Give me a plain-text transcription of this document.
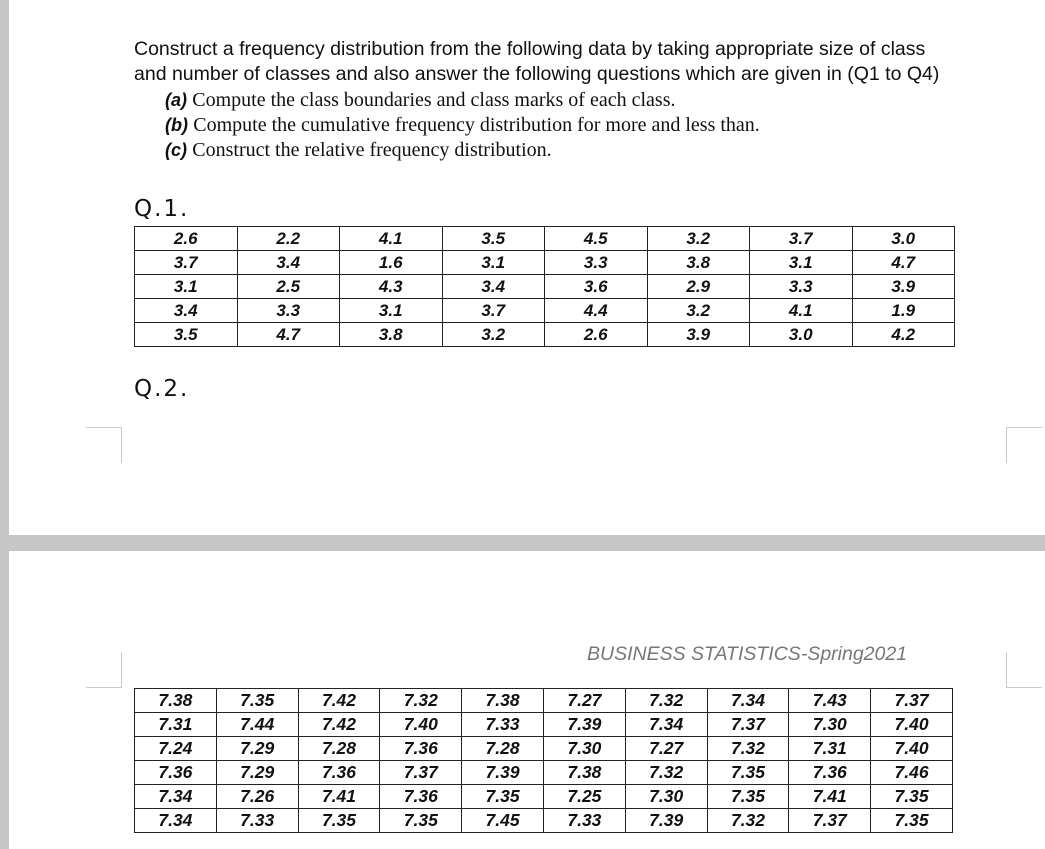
Construct a frequency distribution from the following data by taking appropriate size of class

and number of classes and also answer the following questions which are given in (Q1 to Q4)

(a) Compute the class boundaries and class marks of each class.
(b) Compute the cumulative frequency distribution for more and less than.
(c) Construct the relative frequency distribution.
Q.1.
2.6	2.2	4.1	3.5	4.5	3.2	3.7	3.0
3.7	3.4	1.6	3.1	3.3	3.8	3.1	4.7
3.1	2.5	4.3	3.4	3.6	2.9	3.3	3.9
3.4	3.3	3.1	3.7	4.4	3.2	4.1	1.9
3.5	4.7	3.8	3.2	2.6	3.9	3.0	4.2
Q.2.
BUSINESS STATISTICS-Spring2021
7.38	7.35	7.42	7.32	7.38	7.27	7.32	7.34	7.43	7.37
7.31	7.44	7.42	7.40	7.33	7.39	7.34	7.37	7.30	7.40
7.24	7.29	7.28	7.36	7.28	7.30	7.27	7.32	7.31	7.40
7.36	7.29	7.36	7.37	7.39	7.38	7.32	7.35	7.36	7.46
7.34	7.26	7.41	7.36	7.35	7.25	7.30	7.35	7.41	7.35
7.34	7.33	7.35	7.35	7.45	7.33	7.39	7.32	7.37	7.35
